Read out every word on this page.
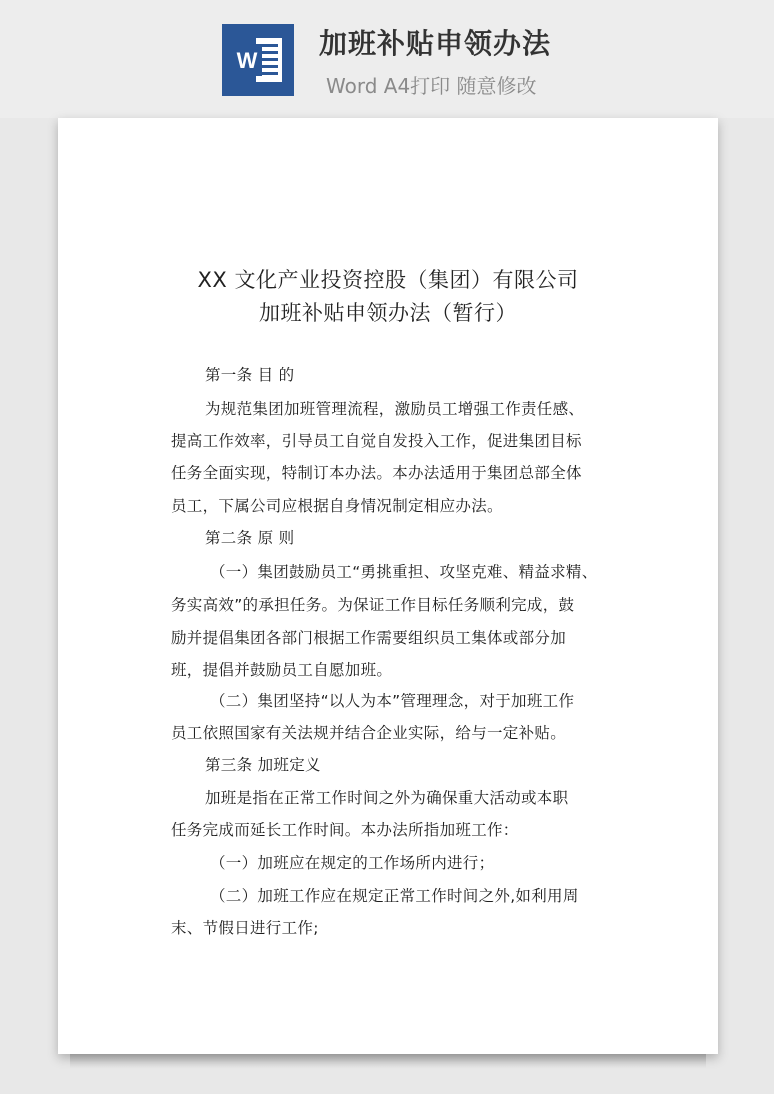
W
加班补贴申领办法
Word A4打印 随意修改
XX 文化产业投资控股（集团）有限公司
加班补贴申领办法（暂行）
第一条 目 的
为规范集团加班管理流程，激励员工增强工作责任感、
提高工作效率，引导员工自觉自发投入工作，促进集团目标
任务全面实现，特制订本办法。本办法适用于集团总部全体
员工，下属公司应根据自身情况制定相应办法。
第二条 原 则
（一）集团鼓励员工“勇挑重担、攻坚克难、精益求精、
务实高效”的承担任务。为保证工作目标任务顺利完成，鼓
励并提倡集团各部门根据工作需要组织员工集体或部分加
班，提倡并鼓励员工自愿加班。
（二）集团坚持“以人为本”管理理念，对于加班工作
员工依照国家有关法规并结合企业实际，给与一定补贴。
第三条 加班定义
加班是指在正常工作时间之外为确保重大活动或本职
任务完成而延长工作时间。本办法所指加班工作：
（一）加班应在规定的工作场所内进行；
（二）加班工作应在规定正常工作时间之外,如利用周
末、节假日进行工作;
